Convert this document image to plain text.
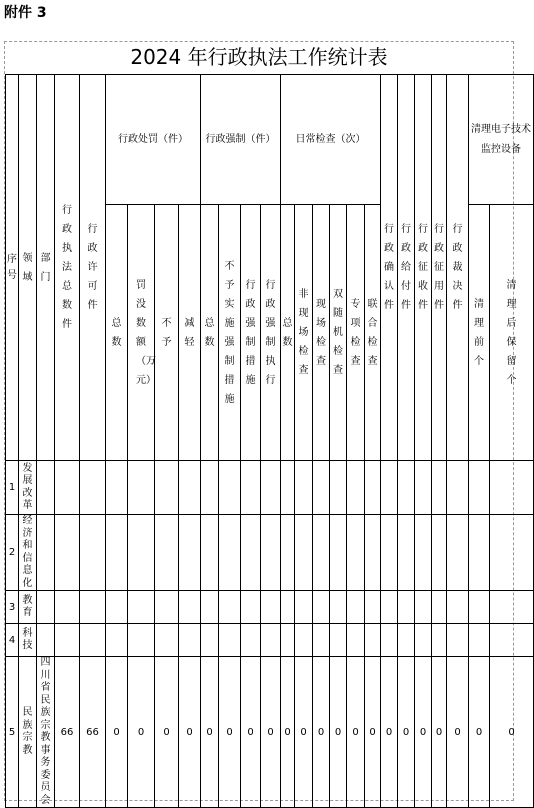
附件 3
2024 年行政执法工作统计表
序号	领域	部门	行政执法总数件	行政许可件	行政处罚（件）				行政强制（件）				日常检查（次）						行政确认件	行政给付件	行政征收件	行政征用件	行政裁决件	清理电子技术监控设备	

					总数	罚没数额（万元）	不予	减轻	总数	不予实施强制措施	行政强制措施	行政强制执行	总数	非现场检查	现场检查	双随机检查	专项检查	联合检查						清理前个	清理后保留个

1	发展改革																								

2	经济和信息化																								

3	教育																								

4	科技																								

5	民族宗教	四川省民族宗教事务委员会	66	66	0	0	0	0	0	0	0	0	0	0	0	0	0	0	0	0	0	0	0	0	0
